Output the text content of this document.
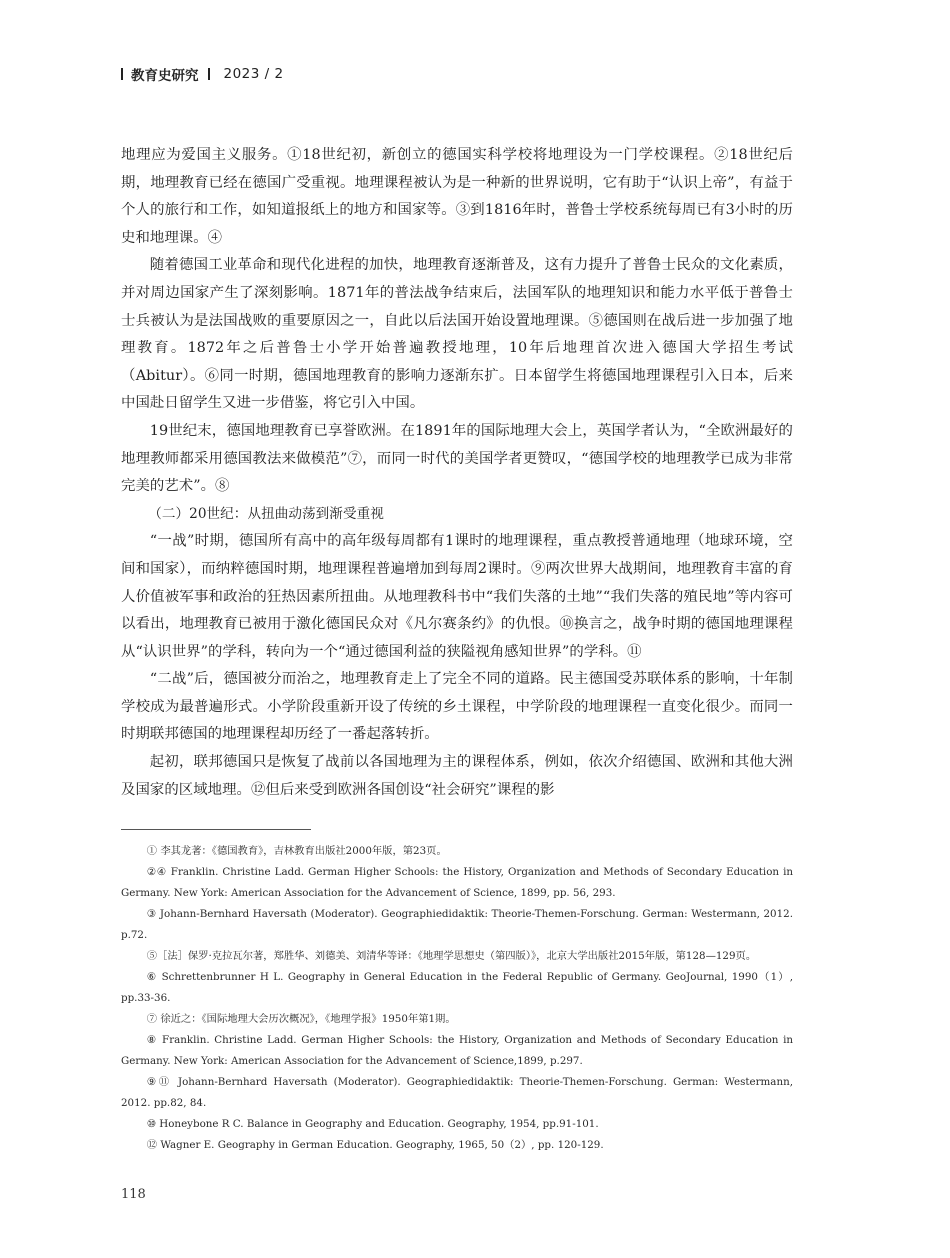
教育史研究 2023 / 2

地理应为爱国主义服务。①18世纪初，新创立的德国实科学校将地理设为一门学校课程。②18世纪后期，地理教育已经在德国广受重视。地理课程被认为是一种新的世界说明，它有助于“认识上帝”，有益于个人的旅行和工作，如知道报纸上的地方和国家等。③到1816年时，普鲁士学校系统每周已有3小时的历史和地理课。④

随着德国工业革命和现代化进程的加快，地理教育逐渐普及，这有力提升了普鲁士民众的文化素质，并对周边国家产生了深刻影响。1871年的普法战争结束后，法国军队的地理知识和能力水平低于普鲁士士兵被认为是法国战败的重要原因之一，自此以后法国开始设置地理课。⑤德国则在战后进一步加强了地理教育。1872年之后普鲁士小学开始普遍教授地理，10年后地理首次进入德国大学招生考试（Abitur）。⑥同一时期，德国地理教育的影响力逐渐东扩。日本留学生将德国地理课程引入日本，后来中国赴日留学生又进一步借鉴，将它引入中国。

19世纪末，德国地理教育已享誉欧洲。在1891年的国际地理大会上，英国学者认为，“全欧洲最好的地理教师都采用德国教法来做模范”⑦，而同一时代的美国学者更赞叹，“德国学校的地理教学已成为非常完美的艺术”。⑧

（二）20世纪：从扭曲动荡到渐受重视

“一战”时期，德国所有高中的高年级每周都有1课时的地理课程，重点教授普通地理（地球环境，空间和国家），而纳粹德国时期，地理课程普遍增加到每周2课时。⑨两次世界大战期间，地理教育丰富的育人价值被军事和政治的狂热因素所扭曲。从地理教科书中“我们失落的土地”“我们失落的殖民地”等内容可以看出，地理教育已被用于激化德国民众对《凡尔赛条约》的仇恨。⑩换言之，战争时期的德国地理课程从“认识世界”的学科，转向为一个“通过德国利益的狭隘视角感知世界”的学科。⑪

“二战”后，德国被分而治之，地理教育走上了完全不同的道路。民主德国受苏联体系的影响，十年制学校成为最普遍形式。小学阶段重新开设了传统的乡土课程，中学阶段的地理课程一直变化很少。而同一时期联邦德国的地理课程却历经了一番起落转折。

起初，联邦德国只是恢复了战前以各国地理为主的课程体系，例如，依次介绍德国、欧洲和其他大洲及国家的区域地理。⑫但后来受到欧洲各国创设“社会研究”课程的影

① 李其龙著：《德国教育》，吉林教育出版社2000年版，第23页。

②④ Franklin. Christine Ladd. German Higher Schools: the History, Organization and Methods of Secondary Education in Germany. New York: American Association for the Advancement of Science, 1899, pp. 56, 293.

③ Johann-Bernhard Haversath (Moderator). Geographiedidaktik: Theorie-Themen-Forschung. German: Westermann, 2012. p.72.

⑤［法］保罗·克拉瓦尔著，郑胜华、刘德美、刘清华等译：《地理学思想史（第四版）》，北京大学出版社2015年版，第128—129页。

⑥ Schrettenbrunner H L. Geography in General Education in the Federal Republic of Germany. GeoJournal, 1990（1）, pp.33-36.

⑦ 徐近之：《国际地理大会历次概况》，《地理学报》1950年第1期。

⑧ Franklin. Christine Ladd. German Higher Schools: the History, Organization and Methods of Secondary Education in Germany. New York: American Association for the Advancement of Science,1899, p.297.

⑨⑪ Johann-Bernhard Haversath (Moderator). Geographiedidaktik: Theorie-Themen-Forschung. German: Westermann, 2012. pp.82, 84.

⑩ Honeybone R C. Balance in Geography and Education. Geography, 1954, pp.91-101.

⑫ Wagner E. Geography in German Education. Geography, 1965, 50（2）, pp. 120-129.

118
